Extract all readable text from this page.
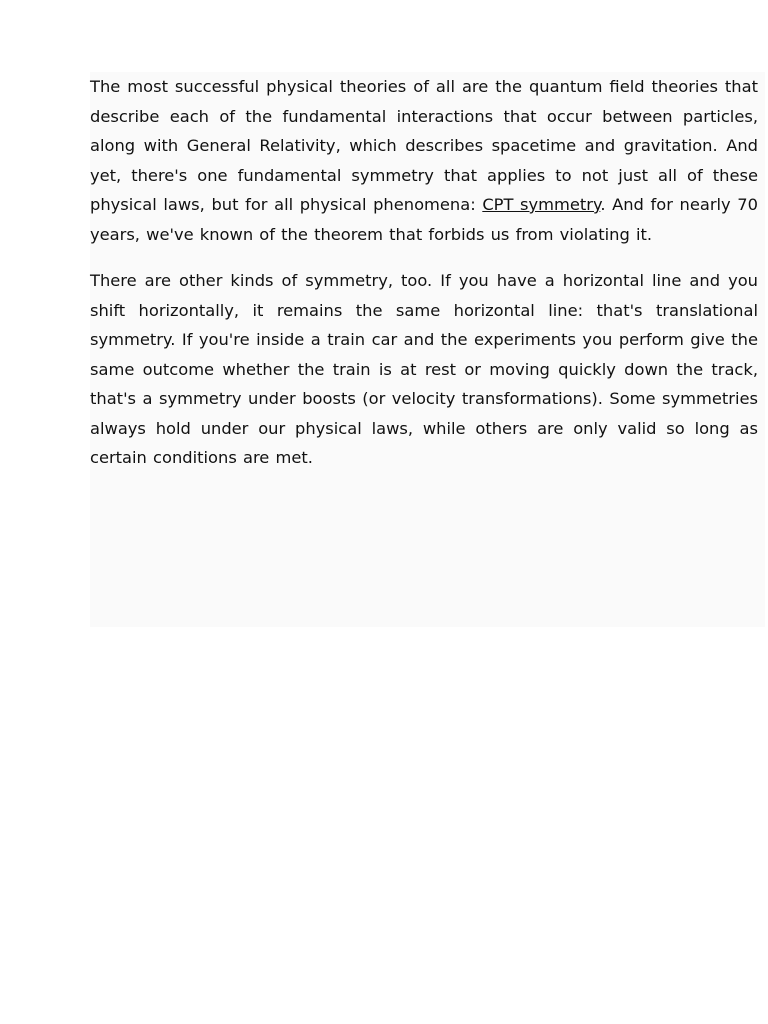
The most successful physical theories of all are the quantum field theories that describe each of the fundamental interactions that occur between particles, along with General Relativity, which describes spacetime and gravitation. And yet, there's one fundamental symmetry that applies to not just all of these physical laws, but for all physical phenomena: CPT symmetry. And for nearly 70 years, we've known of the theorem that forbids us from violating it.

There are other kinds of symmetry, too. If you have a horizontal line and you shift horizontally, it remains the same horizontal line: that's translational symmetry. If you're inside a train car and the experiments you perform give the same outcome whether the train is at rest or moving quickly down the track, that's a symmetry under boosts (or velocity transformations). Some symmetries always hold under our physical laws, while others are only valid so long as certain conditions are met.
